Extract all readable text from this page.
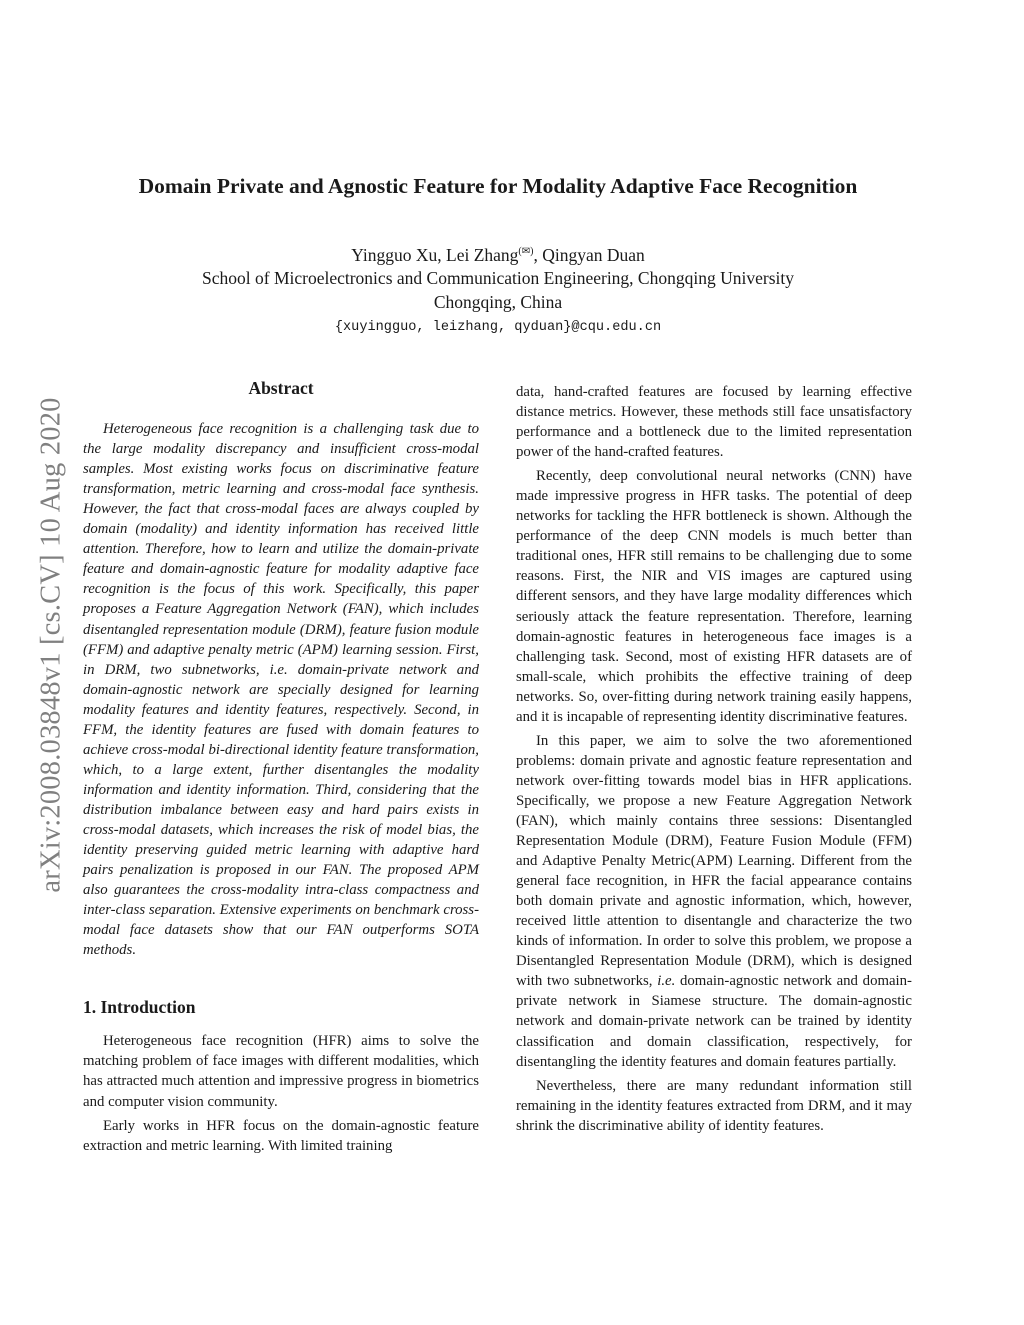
arXiv:2008.03848v1 [cs.CV] 10 Aug 2020
Domain Private and Agnostic Feature for Modality Adaptive Face Recognition
Yingguo Xu, Lei Zhang(✉), Qingyan Duan
School of Microelectronics and Communication Engineering, Chongqing University
Chongqing, China
{xuyingguo, leizhang, qyduan}@cqu.edu.cn
Abstract

Heterogeneous face recognition is a challenging task due to the large modality discrepancy and insufficient cross-modal samples. Most existing works focus on discriminative feature transformation, metric learning and cross-modal face synthesis. However, the fact that cross-modal faces are always coupled by domain (modality) and identity information has received little attention. Therefore, how to learn and utilize the domain-private feature and domain-agnostic feature for modality adaptive face recognition is the focus of this work. Specifically, this paper proposes a Feature Aggregation Network (FAN), which includes disentangled representation module (DRM), feature fusion module (FFM) and adaptive penalty metric (APM) learning session. First, in DRM, two subnetworks, i.e. domain-private network and domain-agnostic network are specially designed for learning modality features and identity features, respectively. Second, in FFM, the identity features are fused with domain features to achieve cross-modal bi-directional identity feature transformation, which, to a large extent, further disentangles the modality information and identity information. Third, considering that the distribution imbalance between easy and hard pairs exists in cross-modal datasets, which increases the risk of model bias, the identity preserving guided metric learning with adaptive hard pairs penalization is proposed in our FAN. The proposed APM also guarantees the cross-modality intra-class compactness and inter-class separation. Extensive experiments on benchmark cross-modal face datasets show that our FAN outperforms SOTA methods.

1. Introduction

Heterogeneous face recognition (HFR) aims to solve the matching problem of face images with different modalities, which has attracted much attention and impressive progress in biometrics and computer vision community.

Early works in HFR focus on the domain-agnostic feature extraction and metric learning. With limited training

data, hand-crafted features are focused by learning effective distance metrics. However, these methods still face unsatisfactory performance and a bottleneck due to the limited representation power of the hand-crafted features.

Recently, deep convolutional neural networks (CNN) have made impressive progress in HFR tasks. The potential of deep networks for tackling the HFR bottleneck is shown. Although the performance of the deep CNN models is much better than traditional ones, HFR still remains to be challenging due to some reasons. First, the NIR and VIS images are captured using different sensors, and they have large modality differences which seriously attack the feature representation. Therefore, learning domain-agnostic features in heterogeneous face images is a challenging task. Second, most of existing HFR datasets are of small-scale, which prohibits the effective training of deep networks. So, over-fitting during network training easily happens, and it is incapable of representing identity discriminative features.

In this paper, we aim to solve the two aforementioned problems: domain private and agnostic feature representation and network over-fitting towards model bias in HFR applications. Specifically, we propose a new Feature Aggregation Network (FAN), which mainly contains three sessions: Disentangled Representation Module (DRM), Feature Fusion Module (FFM) and Adaptive Penalty Metric(APM) Learning. Different from the general face recognition, in HFR the facial appearance contains both domain private and agnostic information, which, however, received little attention to disentangle and characterize the two kinds of information. In order to solve this problem, we propose a Disentangled Representation Module (DRM), which is designed with two subnetworks, i.e. domain-agnostic network and domain-private network in Siamese structure. The domain-agnostic network and domain-private network can be trained by identity classification and domain classification, respectively, for disentangling the identity features and domain features partially.

Nevertheless, there are many redundant information still remaining in the identity features extracted from DRM, and it may shrink the discriminative ability of identity features.
